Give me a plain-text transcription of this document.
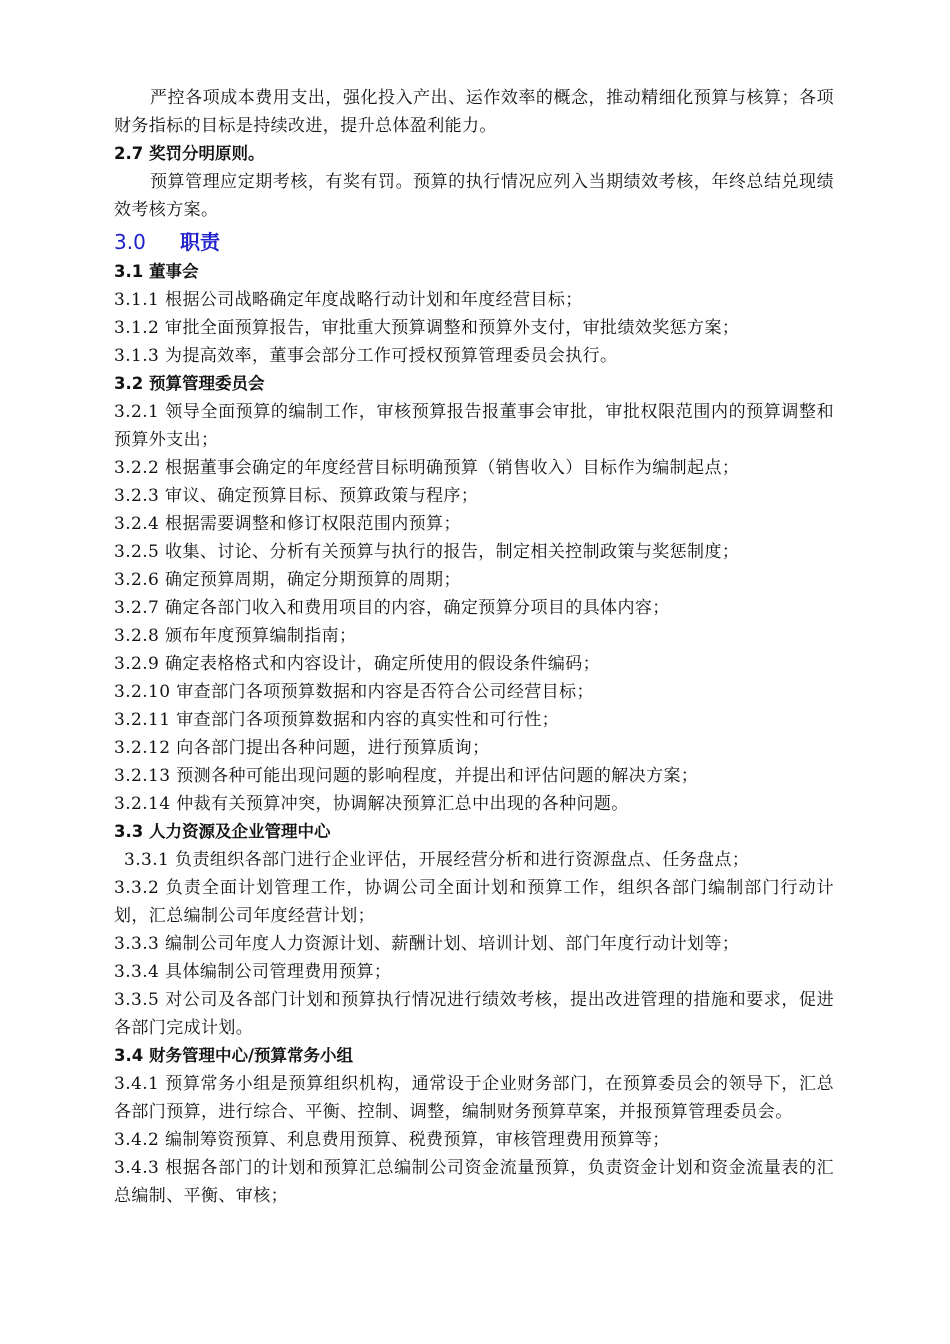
严控各项成本费用支出，强化投入产出、运作效率的概念，推动精细化预算与核算；各项财务指标的目标是持续改进，提升总体盈利能力。
2.7 奖罚分明原则。
预算管理应定期考核，有奖有罚。预算的执行情况应列入当期绩效考核，年终总结兑现绩效考核方案。
3.0 职责
3.1 董事会
3.1.1 根据公司战略确定年度战略行动计划和年度经营目标；
3.1.2 审批全面预算报告，审批重大预算调整和预算外支付，审批绩效奖惩方案；
3.1.3 为提高效率，董事会部分工作可授权预算管理委员会执行。
3.2 预算管理委员会
3.2.1 领导全面预算的编制工作，审核预算报告报董事会审批，审批权限范围内的预算调整和预算外支出；
3.2.2 根据董事会确定的年度经营目标明确预算（销售收入）目标作为编制起点；
3.2.3 审议、确定预算目标、预算政策与程序；
3.2.4 根据需要调整和修订权限范围内预算；
3.2.5 收集、讨论、分析有关预算与执行的报告，制定相关控制政策与奖惩制度；
3.2.6 确定预算周期，确定分期预算的周期；
3.2.7 确定各部门收入和费用项目的内容，确定预算分项目的具体内容；
3.2.8 颁布年度预算编制指南；
3.2.9 确定表格格式和内容设计，确定所使用的假设条件编码；
3.2.10 审查部门各项预算数据和内容是否符合公司经营目标；
3.2.11 审查部门各项预算数据和内容的真实性和可行性；
3.2.12 向各部门提出各种问题，进行预算质询；
3.2.13 预测各种可能出现问题的影响程度，并提出和评估问题的解决方案；
3.2.14 仲裁有关预算冲突，协调解决预算汇总中出现的各种问题。
3.3 人力资源及企业管理中心
3.3.1 负责组织各部门进行企业评估，开展经营分析和进行资源盘点、任务盘点；
3.3.2 负责全面计划管理工作，协调公司全面计划和预算工作，组织各部门编制部门行动计划，汇总编制公司年度经营计划；
3.3.3 编制公司年度人力资源计划、薪酬计划、培训计划、部门年度行动计划等；
3.3.4 具体编制公司管理费用预算；
3.3.5 对公司及各部门计划和预算执行情况进行绩效考核，提出改进管理的措施和要求，促进各部门完成计划。
3.4 财务管理中心/预算常务小组
3.4.1 预算常务小组是预算组织机构，通常设于企业财务部门，在预算委员会的领导下，汇总各部门预算，进行综合、平衡、控制、调整，编制财务预算草案，并报预算管理委员会。
3.4.2 编制筹资预算、利息费用预算、税费预算，审核管理费用预算等；
3.4.3 根据各部门的计划和预算汇总编制公司资金流量预算，负责资金计划和资金流量表的汇总编制、平衡、审核；
